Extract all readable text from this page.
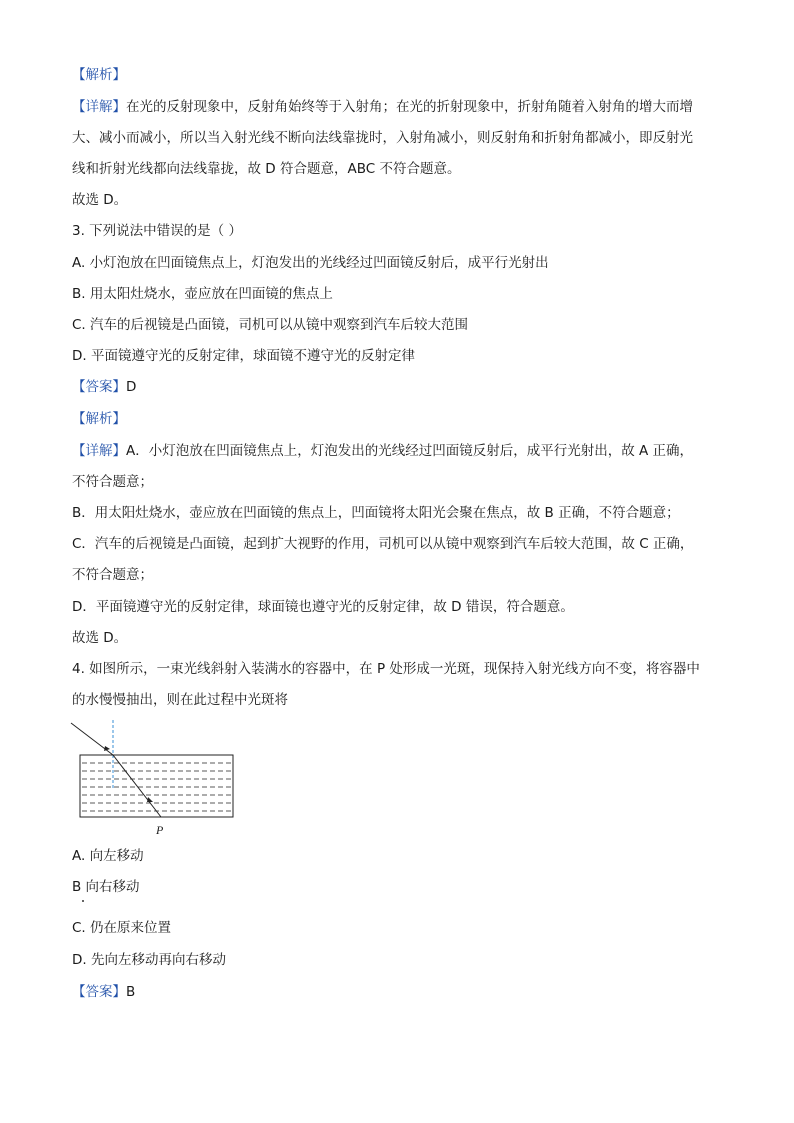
【解析】
【详解】在光的反射现象中，反射角始终等于入射角；在光的折射现象中，折射角随着入射角的增大而增
大、减小而减小，所以当入射光线不断向法线靠拢时，入射角减小，则反射角和折射角都减小，即反射光
线和折射光线都向法线靠拢，故 D 符合题意，ABC 不符合题意。
故选 D。
3. 下列说法中错误的是（ ）
A. 小灯泡放在凹面镜焦点上，灯泡发出的光线经过凹面镜反射后，成平行光射出
B. 用太阳灶烧水，壶应放在凹面镜的焦点上
C. 汽车的后视镜是凸面镜，司机可以从镜中观察到汽车后较大范围
D. 平面镜遵守光的反射定律，球面镜不遵守光的反射定律
【答案】D
【解析】
【详解】A．小灯泡放在凹面镜焦点上，灯泡发出的光线经过凹面镜反射后，成平行光射出，故 A 正确，
不符合题意；
B．用太阳灶烧水，壶应放在凹面镜的焦点上，凹面镜将太阳光会聚在焦点，故 B 正确，不符合题意；
C．汽车的后视镜是凸面镜，起到扩大视野的作用，司机可以从镜中观察到汽车后较大范围，故 C 正确，
不符合题意；
D．平面镜遵守光的反射定律，球面镜也遵守光的反射定律，故 D 错误，符合题意。
故选 D。
4. 如图所示，一束光线斜射入装满水的容器中，在 P 处形成一光斑，现保持入射光线方向不变，将容器中
的水慢慢抽出，则在此过程中光斑将
P
A. 向左移动
B 向右移动
C. 仍在原来位置
D. 先向左移动再向右移动
【答案】B
